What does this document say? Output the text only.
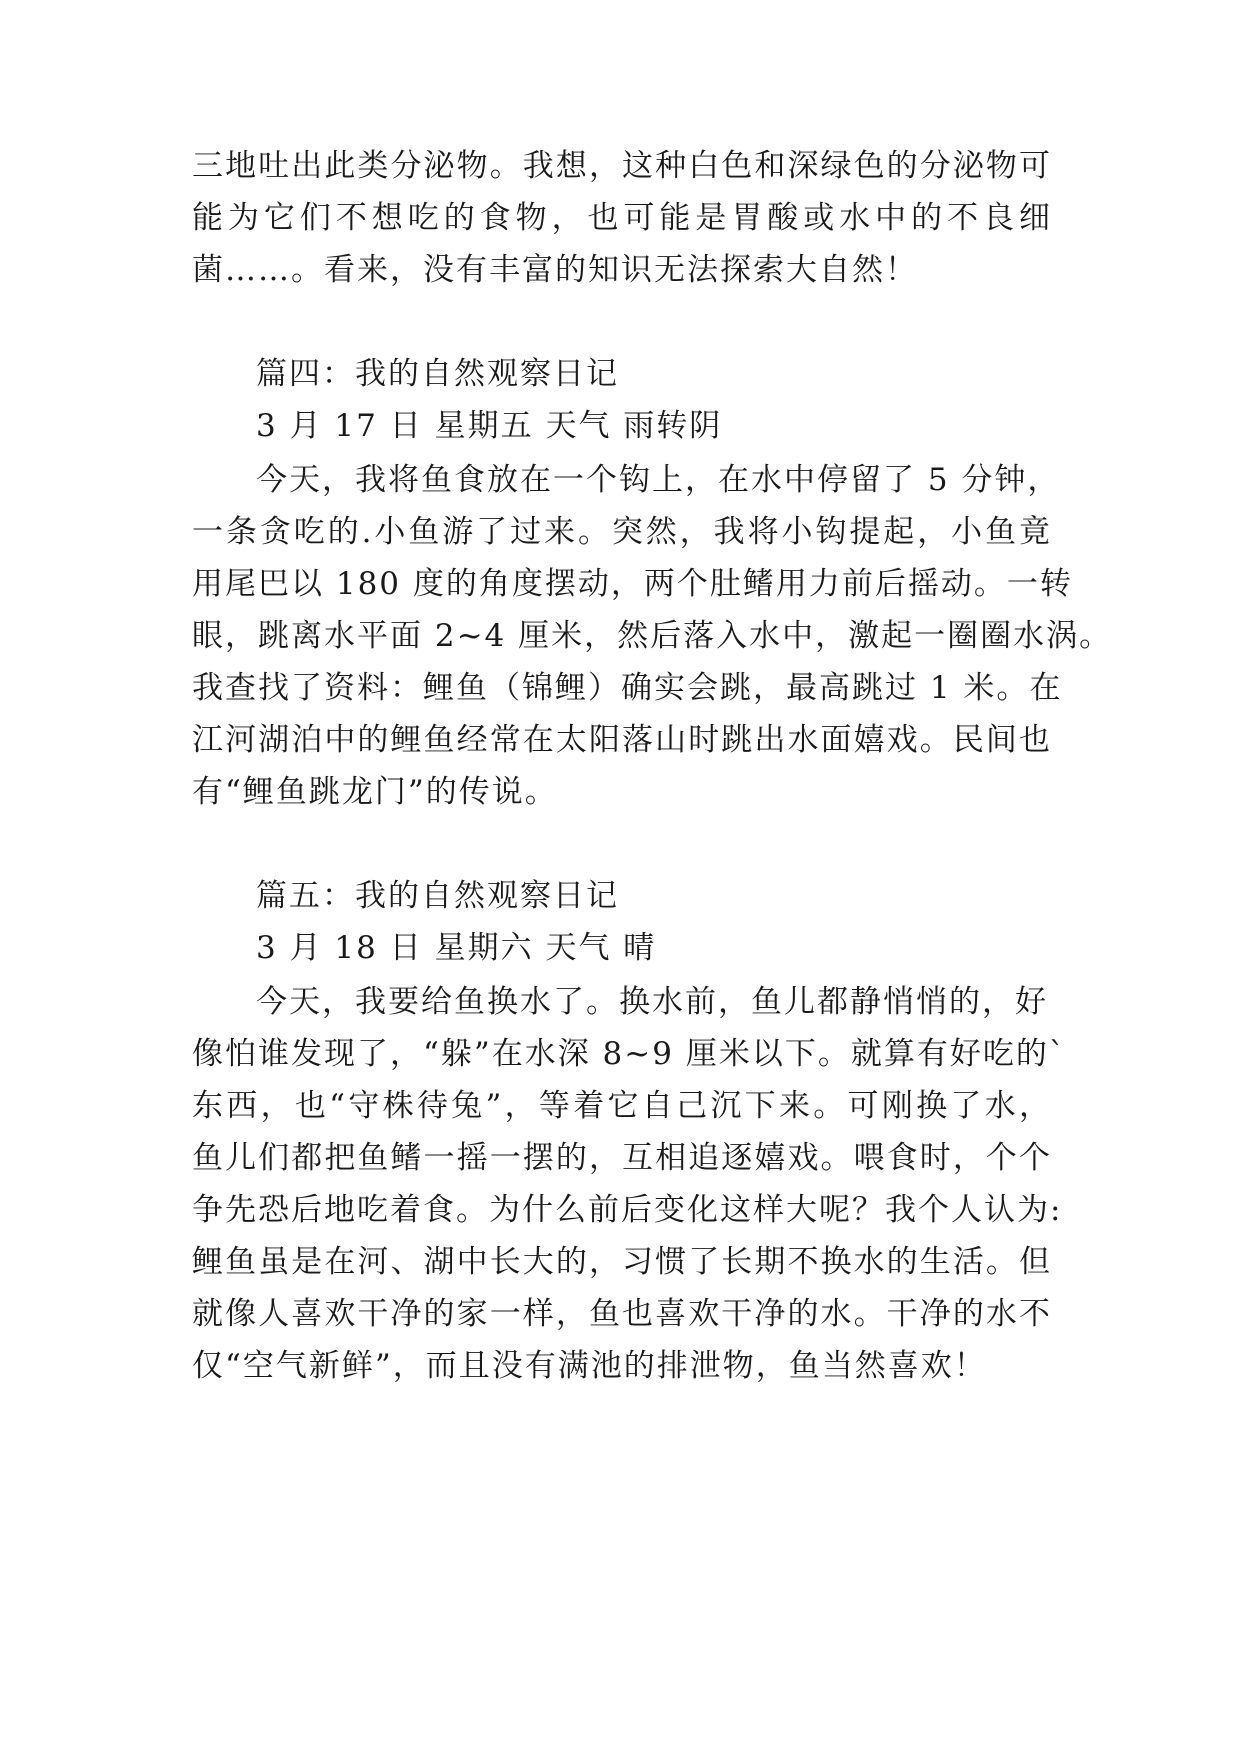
三地吐出此类分泌物。我想，这种白色和深绿色的分泌物可
能为它们不想吃的食物，也可能是胃酸或水中的不良细
菌……。看来，没有丰富的知识无法探索大自然！
篇四：我的自然观察日记
3 月 17 日 星期五 天气 雨转阴
今天，我将鱼食放在一个钩上，在水中停留了 5 分钟，
一条贪吃的.小鱼游了过来。突然，我将小钩提起，小鱼竟
用尾巴以 180 度的角度摆动，两个肚鳍用力前后摇动。一转
眼，跳离水平面 2~4 厘米，然后落入水中，激起一圈圈水涡。
我查找了资料：鲤鱼（锦鲤）确实会跳，最高跳过 1 米。在
江河湖泊中的鲤鱼经常在太阳落山时跳出水面嬉戏。民间也
有“鲤鱼跳龙门”的传说。
篇五：我的自然观察日记
3 月 18 日 星期六 天气 晴
今天，我要给鱼换水了。换水前，鱼儿都静悄悄的，好
像怕谁发现了，“躲”在水深 8~9 厘米以下。就算有好吃的`
东西，也“守株待兔”，等着它自己沉下来。可刚换了水，
鱼儿们都把鱼鳍一摇一摆的，互相追逐嬉戏。喂食时，个个
争先恐后地吃着食。为什么前后变化这样大呢？我个人认为:
鲤鱼虽是在河、湖中长大的，习惯了长期不换水的生活。但
就像人喜欢干净的家一样，鱼也喜欢干净的水。干净的水不
仅“空气新鲜”，而且没有满池的排泄物，鱼当然喜欢！
